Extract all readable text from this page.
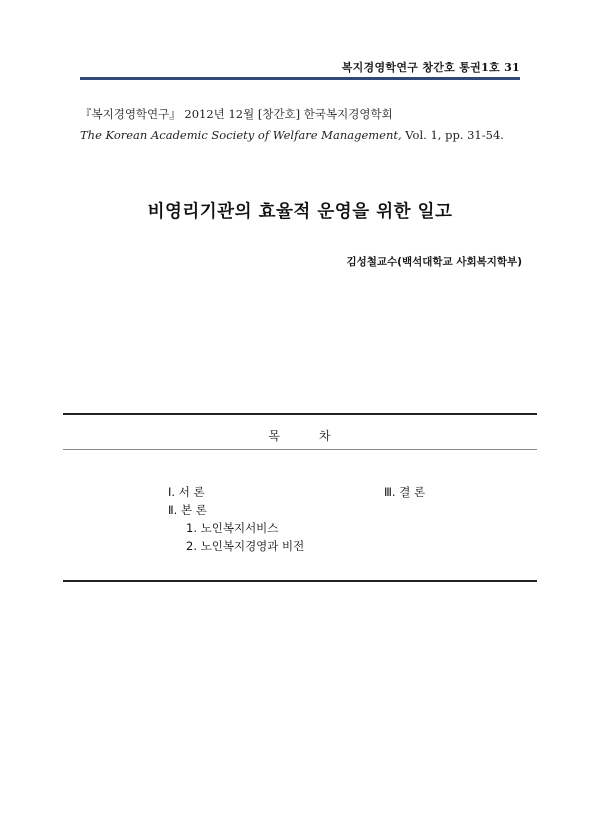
복지경영학연구 창간호 통권1호 31
『복지경영학연구』 2012년 12월 [창간호] 한국복지경영학회
The Korean Academic Society of Welfare Management, Vol. 1, pp. 31-54.
비영리기관의 효율적 운영을 위한 일고
김성철교수(백석대학교 사회복지학부)
목	차
Ⅰ. 서 론
Ⅱ. 본 론
1. 노인복지서비스
2. 노인복지경영과 비전
Ⅲ. 결 론
